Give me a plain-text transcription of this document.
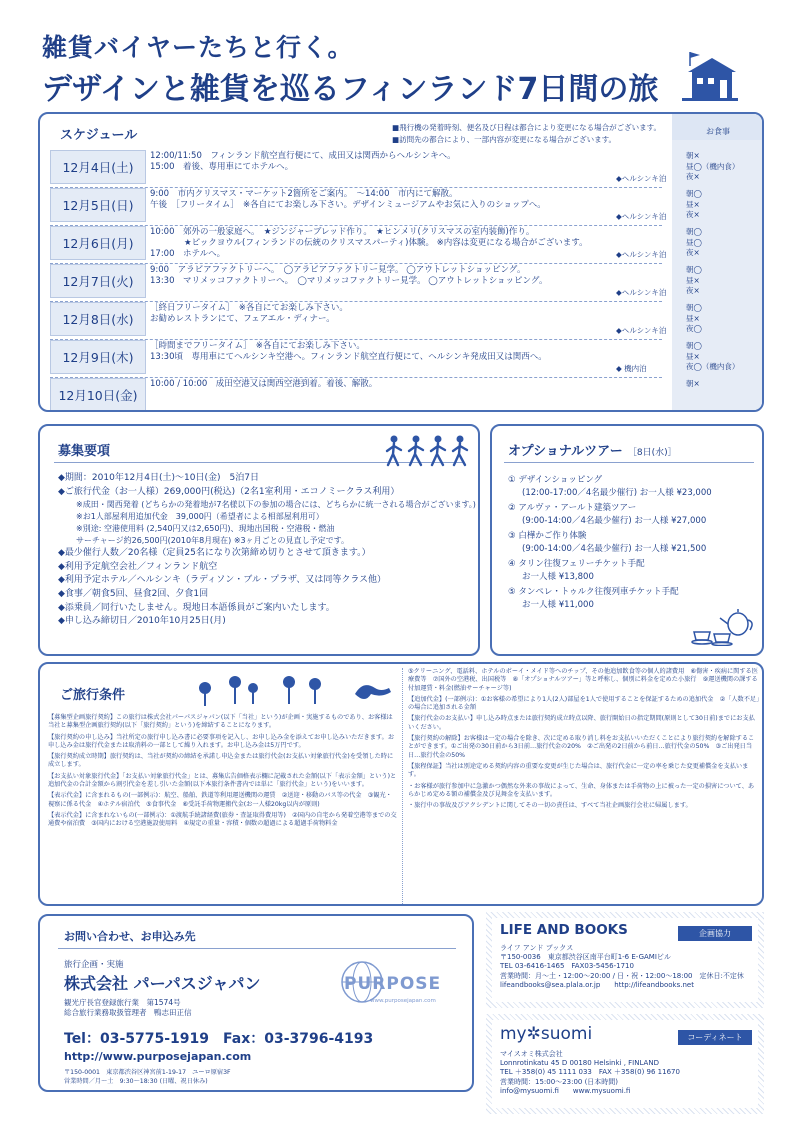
雑貨バイヤーたちと行く。
デザインと雑貨を巡るフィンランド7日間の旅
スケジュール
■飛行機の発着時刻、便名及び日程は都合により変更になる場合がございます。
■訪問先の都合により、一部内容が変更になる場合がございます。
お食事
12月4日(土)
12:00/11:50　フィンランド航空直行便にて、成田又は関西からヘルシンキへ。
15:00　着後、専用車にてホテルへ。
◆ヘルシンキ泊
朝×
昼◯（機内食）
夜×
12月5日(日)
9:00　市内クリスマス・マーケット2箇所をご案内。　～14:00　市内にて解散。
午後　［フリータイム］　※各自にてお楽しみ下さい。デザインミュージアムやお気に入りのショップへ。
◆ヘルシンキ泊
朝◯
昼×
夜×
12月6日(月)
10:00　郊外の一般家庭へ。　★ジンジャーブレッド作り。　★ヒンメリ(クリスマスの室内装飾)作り。
　　　　★ピックヨウル(フィンランドの伝統のクリスマスパーティ)体験。 ※内容は変更になる場合がございます。
17:00　ホテルへ。	◆ヘルシンキ泊
朝◯
昼◯
夜×
12月7日(火)
9:00　アラビアファクトリーへ。　◯アラビアファクトリー見学。 ◯アウトレットショッピング。
13:30　マリメッコファクトリーへ。　◯マリメッコファクトリー見学。 ◯アウトレットショッピング。
◆ヘルシンキ泊
朝◯
昼×
夜×
12月8日(水)
［終日フリータイム］　※各自にてお楽しみ下さい。
お勧めレストランにて、フェアエル・ディナー。
◆ヘルシンキ泊
朝◯
昼×
夜◯
12月9日(木)
［時間までフリータイム］　※各自にてお楽しみ下さい。
13:30頃　専用車にてヘルシンキ空港へ。フィンランド航空直行便にて、ヘルシンキ発成田又は関西へ。
◆ 機内泊
朝◯
昼×
夜◯（機内食）
12月10日(金)
10:00 / 10:00　成田空港又は関西空港到着。着後、解散。	朝×
募集要項
◆期間：2010年12月4日(土)～10日(金)　5泊7日
◆ご旅行代金（お一人様）269,000円(税込)（2名1室利用・エコノミークラス利用）
※成田・関西発着 (どちらかの発着地が7名様以下の参加の場合には、どちらかに統一される場合がございます。)
※お1人部屋利用追加代金　39,000円（希望者による相部屋利用可）
※別途: 空港使用料 (2,540円又は2,650円)、現地出国税・空港税・燃油
サーチャージ約26,500円(2010年8月現在) ※3ヶ月ごとの見直し予定です。
◆最少催行人数／20名様（定員25名になり次第締め切りとさせて頂きます。）
◆利用予定航空会社／フィンランド航空
◆利用予定ホテル／ヘルシンキ（ラディソン・ブル・プラザ、又は同等クラス他）
◆食事／朝食5回、昼食2回、夕食1回
◆添乗員／同行いたしません。現地日本語係員がご案内いたします。
◆申し込み締切日／2010年10月25日(月)
オプショナルツアー ［8日(水)］
① デザインショッピング
(12:00-17:00／4名最少催行) お一人様 ¥23,000
② アルヴァ・アールト建築ツアー
(9:00-14:00／4名最少催行) お一人様 ¥27,000
③ 白樺かご作り体験
(9:00-14:00／4名最少催行) お一人様 ¥21,500
④ タリン往復フェリーチケット手配
お一人様 ¥13,800
⑤ タンペレ・トゥルク往復列車チケット手配
お一人様 ¥11,000
ご旅行条件

【募集型企画旅行契約】この旅行は株式会社パーパスジャパン(以下「当社」という)が企画・実施するものであり、お客様は当社と募集型企画旅行契約(以下「旅行契約」という)を締結することになります。

【旅行契約の申し込み】当社所定の旅行申し込み書に必要事項を記入し、お申し込み金を添えてお申し込みいただきます。お申し込み金は旅行代金または取消料の一部として繰り入れます。お申し込み金は5万円です。

【旅行契約成立時期】旅行契約は、当社が契約の締結を承諾し申込金または旅行代金(お支払い対象旅行代金)を受領した時に成立します。

【お支払い対象旅行代金】「お支払い対象旅行代金」とは、募集広告価格表示欄に記載された金額(以下「表示金額」という)と追加代金の合計金額から割引代金を差し引いた金額(以下本旅行条件書内では単に「旅行代金」という)をいいます。

【表示代金】に含まれるもの(一部例示)：航空、船舶、鉄道等利用運送機関の運賃　②送迎・移動のバス等の代金　③観光・視察に係る代金　④ホテル宿泊代　⑤食事代金　⑥受託手荷物運搬代金(お一人様20kg以内が原則)

【表示代金】に含まれないもの(一部例示)：①渡航手続諸経費(旅券・査証取得費用等)　②国内の自宅から発着空港等までの交通費や宿泊費　③国内における空港施設使用料　④規定の重量・容積・個数の超過による超過手荷物料金

⑤クリーニング、電話料、ホテルのボーイ・メイド等へのチップ、その他追加飲食等の個人的諸費用　⑥傷害・疾病に関する医療費等　⑦国外の空港税、出国税等　⑧「オプショナルツアー」等と呼称し、個別に料金を定めた小旅行　⑨運送機関の課する付加運賃・料金(燃油サーチャージ等)

【追加代金】(一部例示)：①お客様の希望により1人(2人)部屋を1人で使用することを保証するための追加代金　②「人数不足」の場合に追加される金額

【旅行代金のお支払い】申し込み時点または旅行契約成立時点以降、旅行開始日の指定期間(原則として30日前)までにお支払いください。

【旅行契約の解除】お客様は一定の場合を除き、次に定める取り消し料をお支払いいただくことにより旅行契約を解除することができます。①ご出発の30日前から3日前…旅行代金の20%　②ご出発の2日前から前日…旅行代金の50%　③ご出発日当日…旅行代金の50%

【旅程保証】当社は別途定める契約内容の重要な変更が生じた場合は、旅行代金に一定の率を乗じた変更補償金を支払います。

・お客様が旅行参加中に急激かつ偶然な外来の事故によって、生命、身体または手荷物の上に被った一定の損害について、あらかじめ定める額の補償金及び見舞金を支払います。

・旅行中の事故及びアクシデントに関してその一切の責任は、すべて当社企画旅行会社に帰属します。

お問い合わせ、お申込み先
旅行企画・実施
株式会社 パーパスジャパン
観光庁長官登録旅行業　第1574号
総合旅行業務取扱管理者　鴨志田正信
Tel：03-5775-1919　Fax：03-3796-4193
http://www.purposejapan.com
〒150-0001　東京都渋谷区神宮前1-19-17　ユーロ原宿3F
営業時間／月～土　9:30～18:30 (日曜、祝日休み)
PURPOSE
www.purposejapan.com
LIFE AND BOOKS	企画協力
ライフ アンド ブックス
〒150-0036　東京都渋谷区南平台町1-6 E-GAMIビル
TEL 03-6416-1465　FAX03-5456-1710
営業時間：月～土・12:00～20:00 / 日・祝・12:00～18:00　定休日:不定休
lifeandbooks@sea.plala.or.jp　　http://lifeandbooks.net
my✲suomi	コーディネート
マイスオミ株式会社
Lonnrotinkatu 45 D 00180 Helsinki , FINLAND
TEL ＋358(0) 45 1111 033　FAX ＋358(0) 96 11670
営業時間：15:00～23:00 (日本時間)
info@mysuomi.fi　　www.mysuomi.fi
